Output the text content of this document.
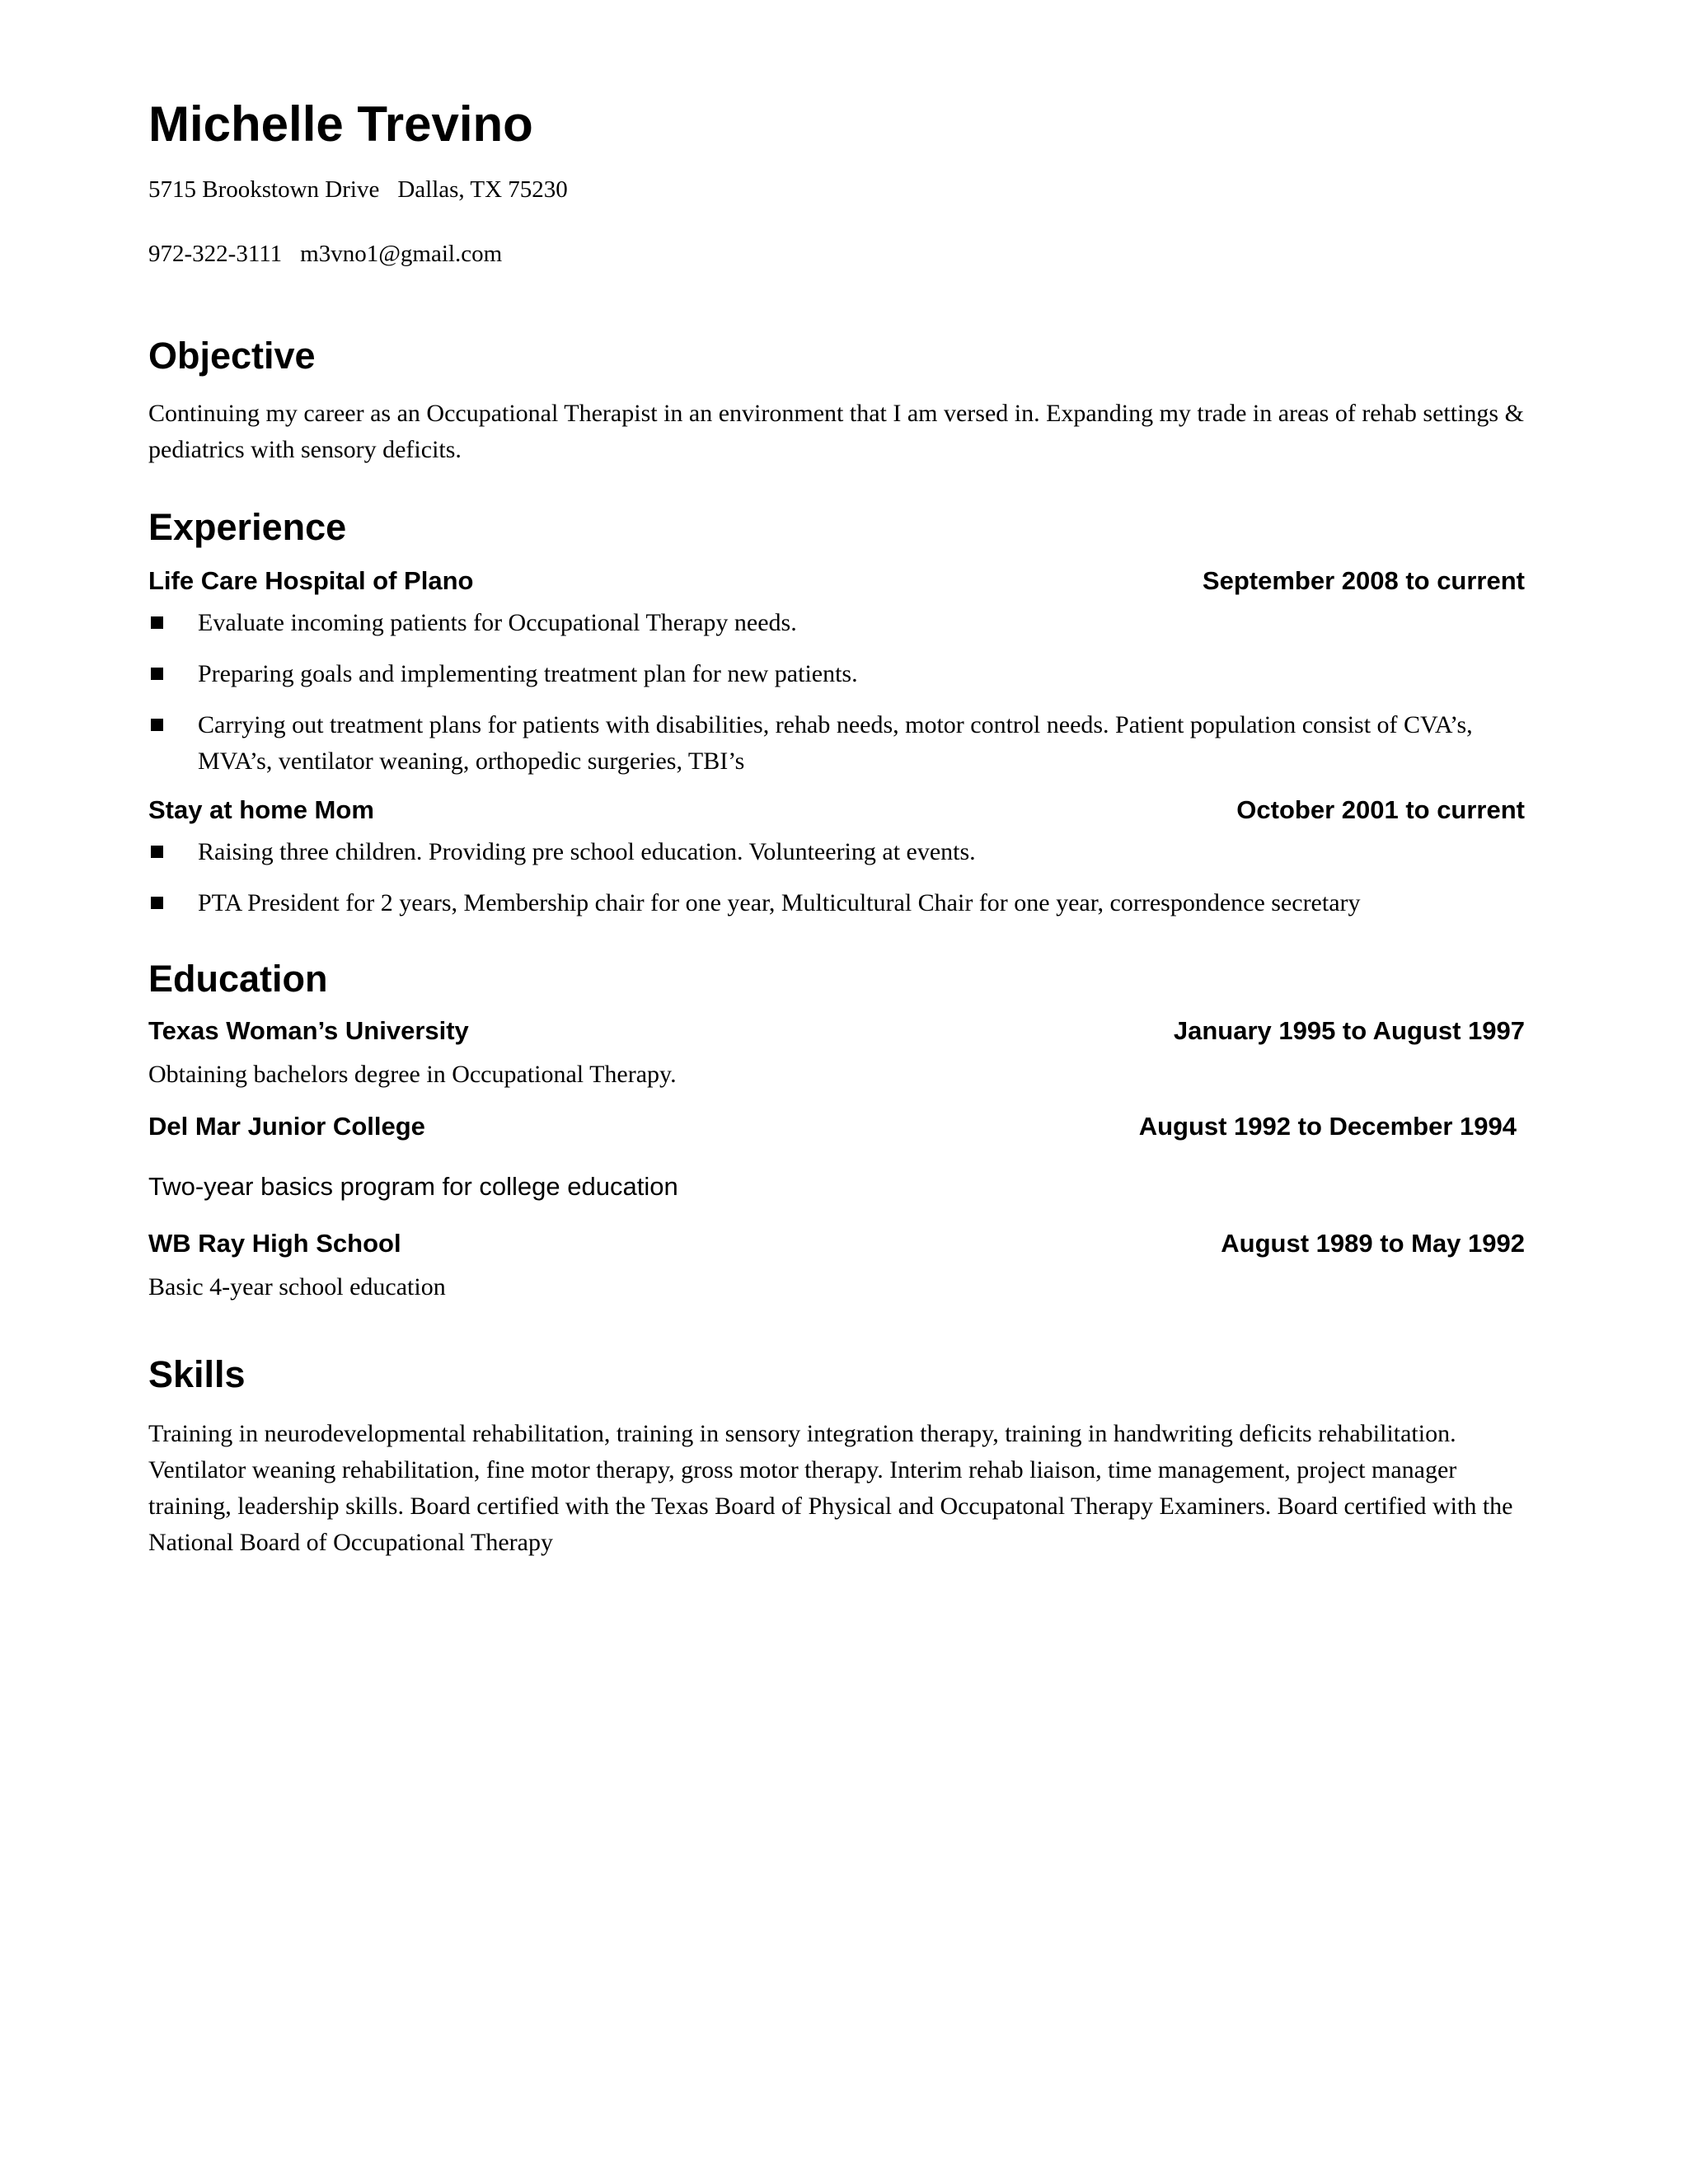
Michelle Trevino

5715 Brookstown Drive Dallas, TX 75230

972-322-3111 m3vno1@gmail.com

Objective

Continuing my career as an Occupational Therapist in an environment that I am versed in. Expanding my trade in areas of rehab settings & pediatrics with sensory deficits.

Experience
Life Care Hospital of Plano	September 2008 to current
Evaluate incoming patients for Occupational Therapy needs.
Preparing goals and implementing treatment plan for new patients.
Carrying out treatment plans for patients with disabilities, rehab needs, motor control needs. Patient population consist of CVA’s, MVA’s, ventilator weaning, orthopedic surgeries, TBI’s
Stay at home Mom	October 2001 to current
Raising three children. Providing pre school education. Volunteering at events.
PTA President for 2 years, Membership chair for one year, Multicultural Chair for one year, correspondence secretary
Education
Texas Woman’s University	January 1995 to August 1997

Obtaining bachelors degree in Occupational Therapy.

Del Mar Junior College	August 1992 to December 1994

Two-year basics program for college education

WB Ray High School	August 1989 to May 1992

Basic 4-year school education

Skills

Training in neurodevelopmental rehabilitation, training in sensory integration therapy, training in handwriting deficits rehabilitation. Ventilator weaning rehabilitation, fine motor therapy, gross motor therapy. Interim rehab liaison, time management, project manager training, leadership skills. Board certified with the Texas Board of Physical and Occupatonal Therapy Examiners. Board certified with the National Board of Occupational Therapy
